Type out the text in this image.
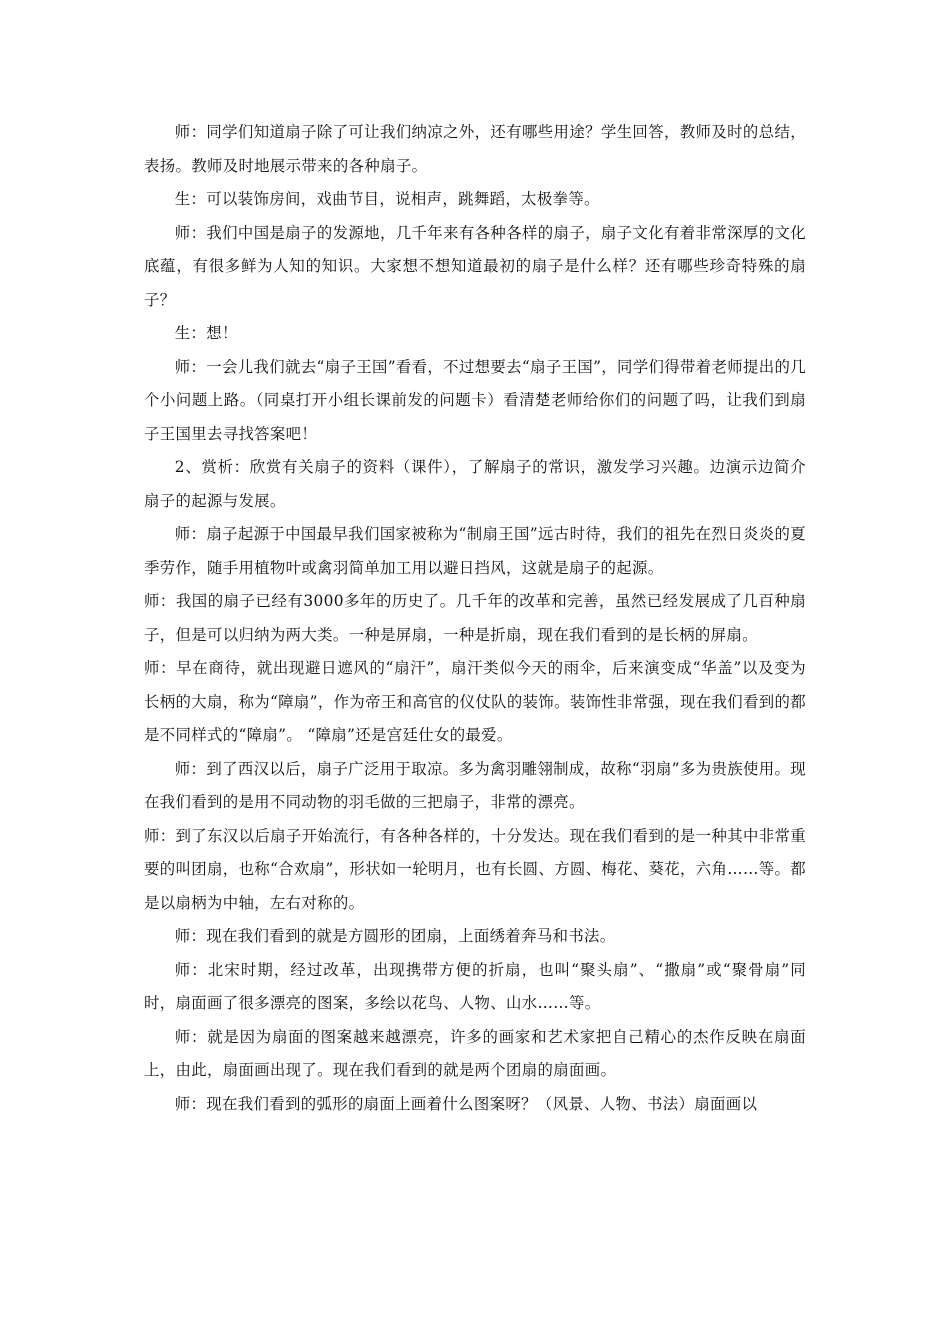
师：同学们知道扇子除了可让我们纳凉之外，还有哪些用途？学生回答，教师及时的总结，表扬。教师及时地展示带来的各种扇子。

生：可以装饰房间，戏曲节目，说相声，跳舞蹈，太极拳等。

师：我们中国是扇子的发源地，几千年来有各种各样的扇子，扇子文化有着非常深厚的文化底蕴，有很多鲜为人知的知识。大家想不想知道最初的扇子是什么样？还有哪些珍奇特殊的扇子？

生：想！

师：一会儿我们就去“扇子王国”看看，不过想要去“扇子王国”，同学们得带着老师提出的几个小问题上路。（同桌打开小组长课前发的问题卡）看清楚老师给你们的问题了吗，让我们到扇子王国里去寻找答案吧！

2、赏析：欣赏有关扇子的资料（课件），了解扇子的常识，激发学习兴趣。边演示边简介扇子的起源与发展。

师：扇子起源于中国最早我们国家被称为“制扇王国”远古时待，我们的祖先在烈日炎炎的夏季劳作，随手用植物叶或禽羽简单加工用以避日挡风，这就是扇子的起源。

师：我国的扇子已经有3000多年的历史了。几千年的改革和完善，虽然已经发展成了几百种扇子，但是可以归纳为两大类。一种是屏扇，一种是折扇，现在我们看到的是长柄的屏扇。

师：早在商待，就出现避日遮风的“扇汗”，扇汗类似今天的雨伞，后来演变成“华盖”以及变为长柄的大扇，称为“障扇”，作为帝王和高官的仪仗队的装饰。装饰性非常强，现在我们看到的都是不同样式的“障扇”。 “障扇”还是宫廷仕女的最爱。

师：到了西汉以后，扇子广泛用于取凉。多为禽羽雕翎制成，故称“羽扇”多为贵族使用。现在我们看到的是用不同动物的羽毛做的三把扇子，非常的漂亮。

师：到了东汉以后扇子开始流行，有各种各样的，十分发达。现在我们看到的是一种其中非常重要的叫团扇，也称“合欢扇”，形状如一轮明月，也有长圆、方圆、梅花、葵花，六角……等。都是以扇柄为中轴，左右对称的。

师：现在我们看到的就是方圆形的团扇，上面绣着奔马和书法。

师：北宋时期，经过改革，出现携带方便的折扇，也叫“聚头扇”、“撒扇”或“聚骨扇”同时，扇面画了很多漂亮的图案，多绘以花鸟、人物、山水……等。

师：就是因为扇面的图案越来越漂亮，许多的画家和艺术家把自己精心的杰作反映在扇面上，由此，扇面画出现了。现在我们看到的就是两个团扇的扇面画。

师：现在我们看到的弧形的扇面上画着什么图案呀？（风景、人物、书法）扇面画以
